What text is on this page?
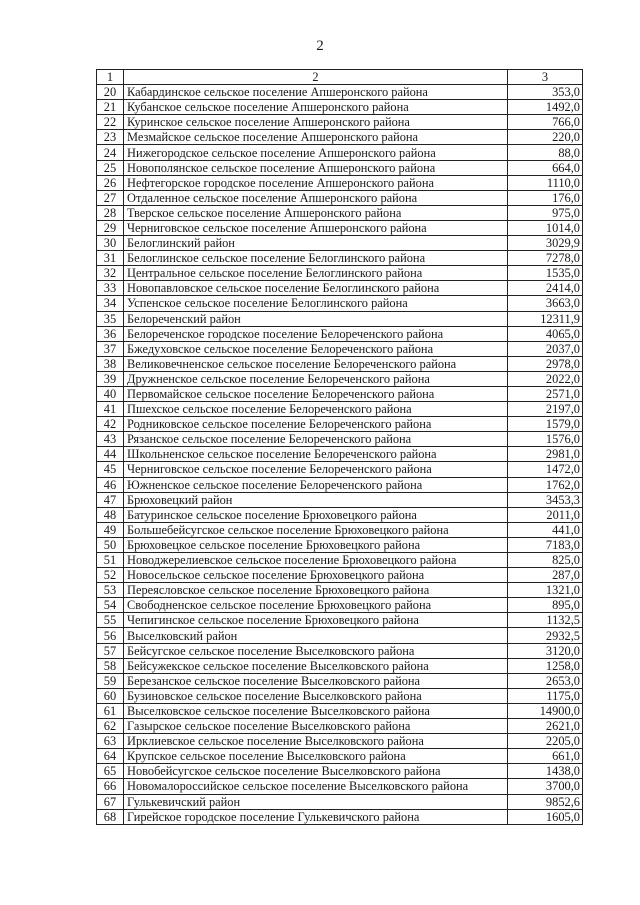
2
1	2	3
20	Кабардинское сельское поселение Апшеронского района	353,0
21	Кубанское сельское поселение Апшеронского района	1492,0
22	Куринское сельское поселение Апшеронского района	766,0
23	Мезмайское сельское поселение Апшеронского района	220,0
24	Нижегородское сельское поселение Апшеронского района	88,0
25	Новополянское сельское поселение Апшеронского района	664,0
26	Нефтегорское городское поселение Апшеронского района	1110,0
27	Отдаленное сельское поселение Апшеронского района	176,0
28	Тверское сельское поселение Апшеронского района	975,0
29	Черниговское сельское поселение Апшеронского района	1014,0
30	Белоглинский район	3029,9
31	Белоглинское сельское поселение Белоглинского района	7278,0
32	Центральное сельское поселение Белоглинского района	1535,0
33	Новопавловское сельское поселение Белоглинского района	2414,0
34	Успенское сельское поселение Белоглинского района	3663,0
35	Белореченский район	12311,9
36	Белореченское городское поселение Белореченского района	4065,0
37	Бжедуховское сельское поселение Белореченского района	2037,0
38	Великовечненское сельское поселение Белореченского района	2978,0
39	Дружненское сельское поселение Белореченского района	2022,0
40	Первомайское сельское поселение Белореченского района	2571,0
41	Пшехское сельское поселение Белореченского района	2197,0
42	Родниковское сельское поселение Белореченского района	1579,0
43	Рязанское сельское поселение Белореченского района	1576,0
44	Школьненское сельское поселение Белореченского района	2981,0
45	Черниговское сельское поселение Белореченского района	1472,0
46	Южненское сельское поселение Белореченского района	1762,0
47	Брюховецкий район	3453,3
48	Батуринское сельское поселение Брюховецкого района	2011,0
49	Большебейсугское сельское поселение Брюховецкого района	441,0
50	Брюховецкое сельское поселение Брюховецкого района	7183,0
51	Новоджерелиевское сельское поселение Брюховецкого района	825,0
52	Новосельское сельское поселение Брюховецкого района	287,0
53	Переясловское сельское поселение Брюховецкого района	1321,0
54	Свободненское сельское поселение Брюховецкого района	895,0
55	Чепигинское сельское поселение Брюховецкого района	1132,5
56	Выселковский район	2932,5
57	Бейсугское сельское поселение Выселковского района	3120,0
58	Бейсужекское сельское поселение Выселковского района	1258,0
59	Березанское сельское поселение Выселковского района	2653,0
60	Бузиновское сельское поселение Выселковского района	1175,0
61	Выселковское сельское поселение Выселковского района	14900,0
62	Газырское сельское поселение Выселковского района	2621,0
63	Ирклиевское сельское поселение Выселковского района	2205,0
64	Крупское сельское поселение Выселковского района	661,0
65	Новобейсугское сельское поселение Выселковского района	1438,0
66	Новомалороссийское сельское поселение Выселковского района	3700,0
67	Гулькевичский район	9852,6
68	Гирейское городское поселение Гулькевичского района	1605,0
